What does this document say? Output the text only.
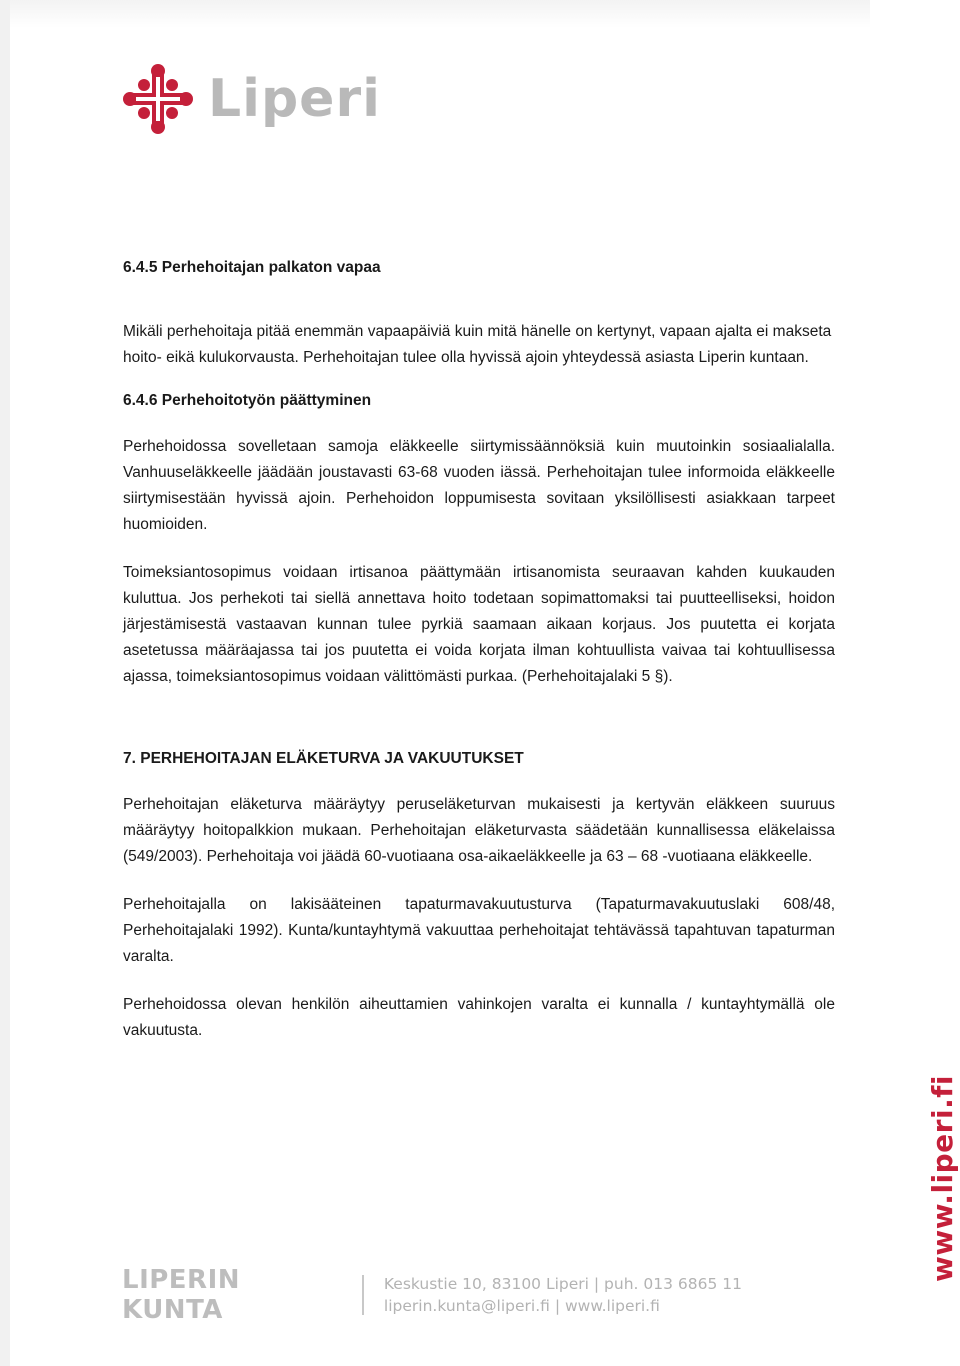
Liperi

6.4.5 Perhehoitajan palkaton vapaa

Mikäli perhehoitaja pitää enemmän vapaapäiviä kuin mitä hänelle on kertynyt, vapaan ajalta ei makseta hoito- eikä kulukorvausta. Perhehoitajan tulee olla hyvissä ajoin yhteydessä asiasta Liperin kuntaan.

6.4.6 Perhehoitotyön päättyminen

Perhehoidossa sovelletaan samoja eläkkeelle siirtymissäännöksiä kuin muutoinkin sosiaalialalla. Vanhuuseläkkeelle jäädään joustavasti 63-68 vuoden iässä. Perhehoitajan tulee informoida eläkkeelle siirtymisestään hyvissä ajoin. Perhehoidon loppumisesta sovitaan yksilöllisesti asiakkaan tarpeet huomioiden.

Toimeksiantosopimus voidaan irtisanoa päättymään irtisanomista seuraavan kahden kuukauden kuluttua. Jos perhekoti tai siellä annettava hoito todetaan sopimattomaksi tai puutteelliseksi, hoidon järjestämisestä vastaavan kunnan tulee pyrkiä saamaan aikaan korjaus. Jos puutetta ei korjata asetetussa määräajassa tai jos puutetta ei voida korjata ilman kohtuullista vaivaa tai kohtuullisessa ajassa, toimeksiantosopimus voidaan välittömästi purkaa. (Perhehoitajalaki 5 §).

7. PERHEHOITAJAN ELÄKETURVA JA VAKUUTUKSET

Perhehoitajan eläketurva määräytyy peruseläketurvan mukaisesti ja kertyvän eläkkeen suuruus määräytyy hoitopalkkion mukaan. Perhehoitajan eläketurvasta säädetään kunnallisessa eläkelaissa (549/2003). Perhehoitaja voi jäädä 60-vuotiaana osa-aikaeläkkeelle ja 63 – 68 -vuotiaana eläkkeelle.

Perhehoitajalla on lakisääteinen tapaturmavakuutusturva (Tapaturmavakuutuslaki 608/48, Perhehoitajalaki 1992). Kunta/kuntayhtymä vakuuttaa perhehoitajat tehtävässä tapahtuvan tapaturman varalta.

Perhehoidossa olevan henkilön aiheuttamien vahinkojen varalta ei kunnalla / kuntayhtymällä ole vakuutusta.

LIPERIN KUNTA
Keskustie 10, 83100 Liperi | puh. 013 6865 11
liperin.kunta@liperi.fi | www.liperi.fi
www.liperi.fi
